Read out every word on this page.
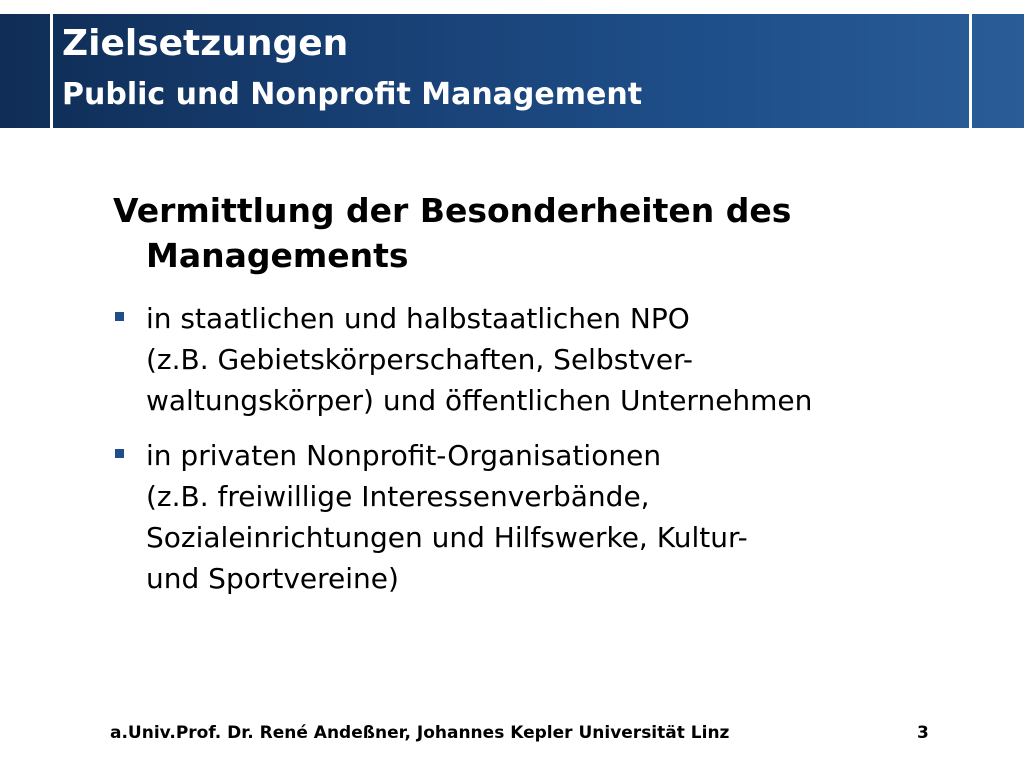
Zielsetzungen
Public und Nonprofit Management

Vermittlung der Besonderheiten des
Managements

in staatlichen und halbstaatlichen NPO
(z.B. Gebietskörperschaften, Selbstver-
waltungskörper) und öffentlichen Unternehmen
in privaten Nonprofit-Organisationen
(z.B. freiwillige Interessenverbände,
Sozialeinrichtungen und Hilfswerke, Kultur-
und Sportvereine)
a.Univ.Prof. Dr. René Andeßner, Johannes Kepler Universität Linz	3
